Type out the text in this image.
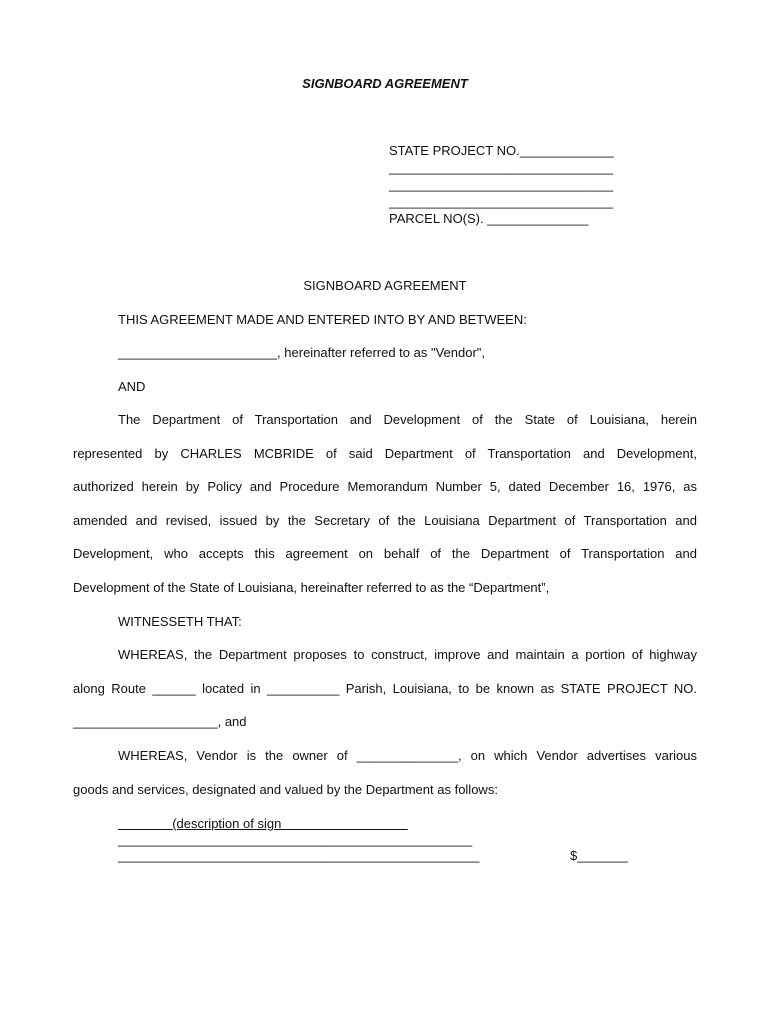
SIGNBOARD AGREEMENT
STATE PROJECT NO._____________
_______________________________
_______________________________
_______________________________
PARCEL NO(S). ______________
SIGNBOARD AGREEMENT
THIS AGREEMENT MADE AND ENTERED INTO BY AND BETWEEN:
______________________, hereinafter referred to as "Vendor",
AND
The Department of Transportation and Development of the State of Louisiana, herein
represented by CHARLES MCBRIDE of said Department of Transportation and Development,
authorized herein by Policy and Procedure Memorandum Number 5, dated December 16, 1976, as
amended and revised, issued by the Secretary of the Louisiana Department of Transportation and
Development, who accepts this agreement on behalf of the Department of Transportation and
Development of the State of Louisiana, hereinafter referred to as the “Department”,
WITNESSETH THAT:
WHEREAS, the Department proposes to construct, improve and maintain a portion of highway
along Route ______ located in __________ Parish, Louisiana, to be known as STATE PROJECT NO.
____________________, and
WHEREAS, Vendor is the owner of ______________, on which Vendor advertises various
goods and services, designated and valued by the Department as follows:
(description of sign
_________________________________________________
__________________________________________________	$_______
